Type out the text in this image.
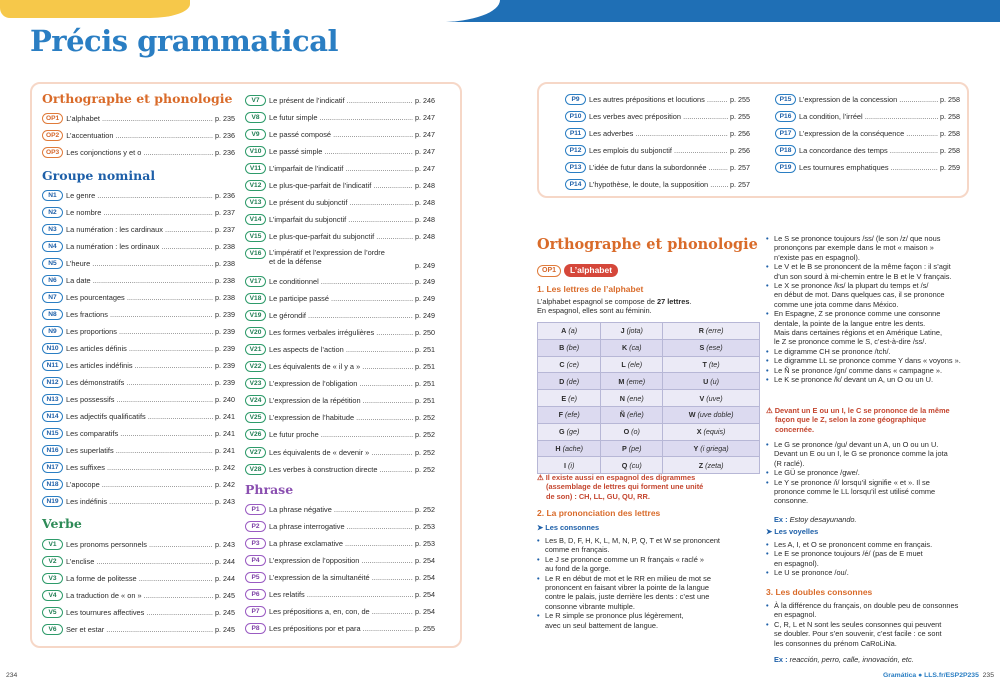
Précis grammatical
Orthographe et phonologie
OP1 L’alphabet .....	p. 235
OP2 L’accentuation .....	p. 236
OP3 Les conjonctions y et o .....	p. 236
Groupe nominal
N1	Le genre .....	p. 236
N2	Le nombre .....	p. 237
N3	La numération : les cardinaux .....	p. 237
N4	La numération : les ordinaux .....	p. 238
N5	L’heure .....	p. 238
N6	La date .....	p. 238
N7	Les pourcentages .....	p. 238
N8	Les fractions .....	p. 239
N9	Les proportions .....	p. 239
N10	Les articles définis .....	p. 239
N11	Les articles indéfinis .....	p. 239
N12	Les démonstratifs .....	p. 239
N13	Les possessifs .....	p. 240
N14	Les adjectifs qualificatifs .....	p. 241
N15	Les comparatifs .....	p. 241
N16	Les superlatifs .....	p. 241
N17	Les suffixes .....	p. 242
N18	L’apocope .....	p. 242
N19	Les indéfinis .....	p. 243
Verbe
V1	Les pronoms personnels .....	p. 243
V2	L’enclise .....	p. 244
V3	La forme de politesse .....	p. 244
V4	La traduction de « on » .....	p. 245
V5	Les tournures affectives .....	p. 245
V6	Ser et estar .....	p. 245
V7	Le présent de l’indicatif .....	p. 246
V8	Le futur simple .....	p. 247
V9	Le passé composé .....	p. 247
V10	Le passé simple .....	p. 247
V11	L’imparfait de l’indicatif .....	p. 247
V12	Le plus-que-parfait de l’indicatif .....	p. 248
V13	Le présent du subjonctif .....	p. 248
V14	L’imparfait du subjonctif .....	p. 248
V15	Le plus-que-parfait du subjonctif .....	p. 248
V16	L’impératif et l’expression de l’ordre
et de la défense	p. 249
V17	Le conditionnel .....	p. 249
V18	Le participe passé .....	p. 249
V19	Le gérondif .....	p. 249
V20	Les formes verbales irrégulières .....	p. 250
V21	Les aspects de l’action .....	p. 251
V22	Les équivalents de « il y a » .....	p. 251
V23	L’expression de l’obligation .....	p. 251
V24	L’expression de la répétition .....	p. 251
V25	L’expression de l’habitude .....	p. 252
V26	Le futur proche .....	p. 252
V27	Les équivalents de « devenir » .....	p. 252
V28	Les verbes à construction directe .....	p. 252
Phrase
P1	La phrase négative .....	p. 252
P2	La phrase interrogative .....	p. 253
P3	La phrase exclamative .....	p. 253
P4	L’expression de l’opposition .....	p. 254
P5	L’expression de la simultanéité .....	p. 254
P6	Les relatifs .....	p. 254
P7	Les prépositions a, en, con, de .....	p. 254
P8	Les prépositions por et para .....	p. 255
P9	Les autres prépositions et locutions .....	p. 255
P10	Les verbes avec préposition .....	p. 255
P11	Les adverbes .....	p. 256
P12	Les emplois du subjonctif .....	p. 256
P13	L’idée de futur dans la subordonnée .....	p. 257
P14	L’hypothèse, le doute, la supposition .....	p. 257
P15	L’expression de la concession .....	p. 258
P16	La condition, l’irréel .....	p. 258
P17	L’expression de la conséquence .....	p. 258
P18	La concordance des temps .....	p. 258
P19	Les tournures emphatiques .....	p. 259
Orthographe et phonologie
OP1	L’alphabet
1. Les lettres de l’alphabet
L’alphabet espagnol se compose de 27 lettres.
En espagnol, elles sont au féminin.
A (a)	J (jota)	R (erre)
B (be)	K (ca)	S (ese)
C (ce)	L (ele)	T (te)
D (de)	M (eme)	U (u)
E (e)	N (ene)	V (uve)
F (efe)	Ñ (eñe)	W (uve doble)
G (ge)	O (o)	X (equis)
H (ache)	P (pe)	Y (i griega)
I (i)	Q (cu)	Z (zeta)
⚠ Il existe aussi en espagnol des digrammes
(assemblage de lettres qui forment une unité
de son) : CH, LL, GU, QU, RR.
2. La prononciation des lettres
➤ Les consonnes
• Les B, D, F, H, K, L, M, N, P, Q, T et W se prononcent
comme en français.
• Le J se prononce comme un R français « raclé »
au fond de la gorge.
• Le R en début de mot et le RR en milieu de mot se
prononcent en faisant vibrer la pointe de la langue
contre le palais, juste derrière les dents : c’est une
consonne vibrante multiple.
• Le R simple se prononce plus légèrement,
avec un seul battement de langue.
• Le S se prononce toujours /ss/ (le son /z/ que nous
prononçons par exemple dans le mot « maison »
n’existe pas en espagnol).
• Le V et le B se prononcent de la même façon : il s’agit
d’un son sourd à mi-chemin entre le B et le V français.
• Le X se prononce /ks/ la plupart du temps et /s/
en début de mot. Dans quelques cas, il se prononce
comme une jota comme dans México.
• En Espagne, Z se prononce comme une consonne
dentale, la pointe de la langue entre les dents.
Mais dans certaines régions et en Amérique Latine,
le Z se prononce comme le S, c’est-à-dire /ss/.
• Le digramme CH se prononce /tch/.
• Le digramme LL se prononce comme Y dans « voyons ».
• Le Ñ se prononce /gn/ comme dans « campagne ».
• Le K se prononce /k/ devant un A, un O ou un U.
⚠ Devant un E ou un I, le C se prononce de la même
façon que le Z, selon la zone géographique
concernée.
• Le G se prononce /gu/ devant un A, un O ou un U.
Devant un E ou un I, le G se prononce comme la jota
(R raclé).
• Le GÜ se prononce /gwe/.
• Le Y se prononce /i/ lorsqu’il signifie « et ». Il se
prononce comme le LL lorsqu’il est utilisé comme
consonne.
Ex : Estoy desayunando.
➤ Les voyelles
• Les A, I, et O se prononcent comme en français.
• Le E se prononce toujours /é/ (pas de E muet
en espagnol).
• Le U se prononce /ou/.
3. Les doubles consonnes
• À la différence du français, on double peu de consonnes
en espagnol.
• C, R, L et N sont les seules consonnes qui peuvent
se doubler. Pour s’en souvenir, c’est facile : ce sont
les consonnes du prénom CaRoLiNa.
Ex : reacción, perro, calle, innovación, etc.
234	Gramática ● LLS.fr/ESP2P235 235
